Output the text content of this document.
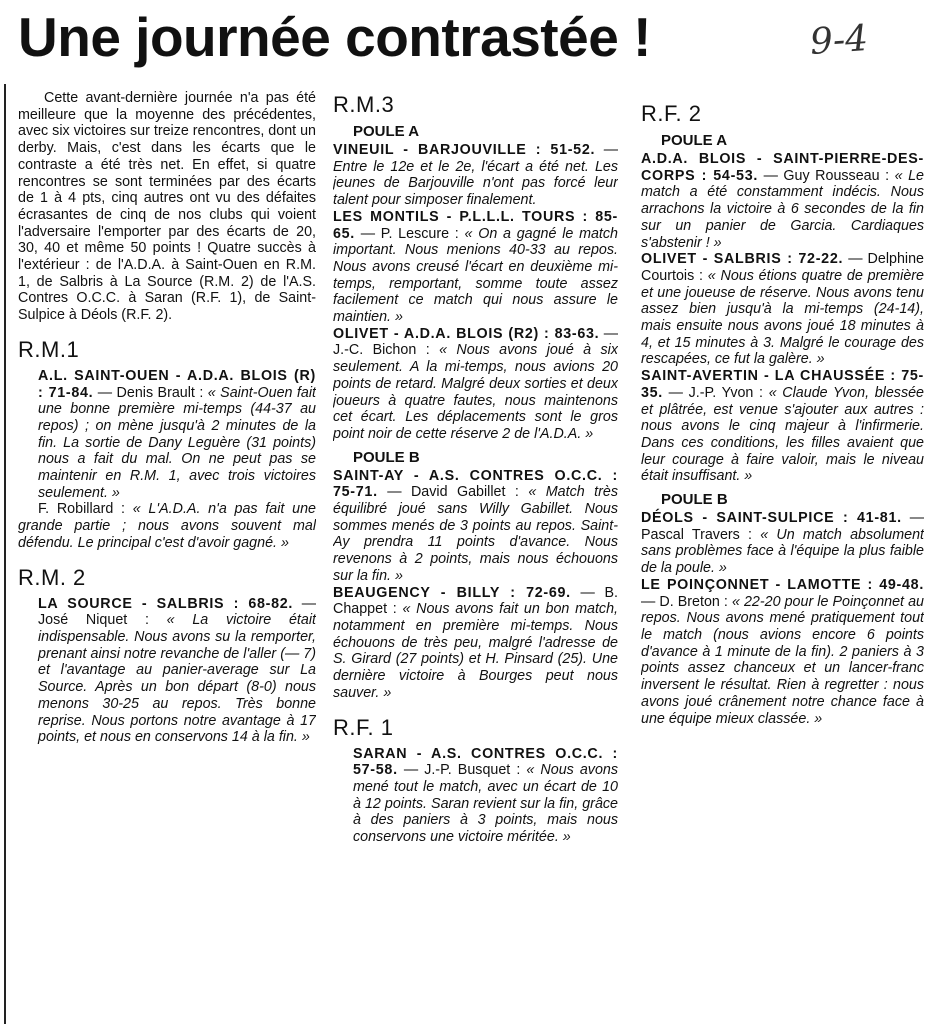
Une journée contrastée !	9-4

Cette avant-dernière journée n'a pas été meilleure que la moyenne des précédentes, avec six victoires sur treize rencontres, dont un derby. Mais, c'est dans les écarts que le contraste a été très net. En effet, si quatre rencontres se sont terminées par des écarts de 1 à 4 pts, cinq autres ont vu des défaites écrasantes de cinq de nos clubs qui voient l'adversaire l'emporter par des écarts de 20, 30, 40 et même 50 points ! Quatre succès à l'extérieur : de l'A.D.A. à Saint-Ouen en R.M. 1, de Salbris à La Source (R.M. 2) de l'A.S. Contres O.C.C. à Saran (R.F. 1), de Saint-Sulpice à Déols (R.F. 2).

R.M.1

A.L. SAINT-OUEN - A.D.A. BLOIS (R) : 71-84. — Denis Brault : « Saint-Ouen fait une bonne première mi-temps (44-37 au repos) ; on mène jusqu'à 2 minutes de la fin. La sortie de Dany Leguère (31 points) nous a fait du mal. On ne peut pas se maintenir en R.M. 1, avec trois victoires seulement. »

F. Robillard : « L'A.D.A. n'a pas fait une grande partie ; nous avons souvent mal défendu. Le principal c'est d'avoir gagné. »

R.M. 2

LA SOURCE - SALBRIS : 68-82. — José Niquet : « La victoire était indispensable. Nous avons su la remporter, prenant ainsi notre revanche de l'aller (— 7) et l'avantage au panier-average sur La Source. Après un bon départ (8-0) nous menons 30-25 au repos. Très bonne reprise. Nous portons notre avantage à 17 points, et nous en conservons 14 à la fin. »

R.M.3
POULE A

VINEUIL - BARJOUVILLE : 51-52. — Entre le 12e et le 2e, l'écart a été net. Les jeunes de Barjouville n'ont pas forcé leur talent pour simposer finalement.

LES MONTILS - P.L.L.L. TOURS : 85-65. — P. Lescure : « On a gagné le match important. Nous menions 40-33 au repos. Nous avons creusé l'écart en deuxième mi-temps, remportant, somme toute assez facilement ce match qui nous assure le maintien. »

OLIVET - A.D.A. BLOIS (R2) : 83-63. — J.-C. Bichon : « Nous avons joué à six seulement. A la mi-temps, nous avions 20 points de retard. Malgré deux sorties et deux joueurs à quatre fautes, nous maintenons cet écart. Les déplacements sont le gros point noir de cette réserve 2 de l'A.D.A. »

POULE B

SAINT-AY - A.S. CONTRES O.C.C. : 75-71. — David Gabillet : « Match très équilibré joué sans Willy Gabillet. Nous sommes menés de 3 points au repos. Saint-Ay prendra 11 points d'avance. Nous revenons à 2 points, mais nous échouons sur la fin. »

BEAUGENCY - BILLY : 72-69. — B. Chappet : « Nous avons fait un bon match, notamment en première mi-temps. Nous échouons de très peu, malgré l'adresse de S. Girard (27 points) et H. Pinsard (25). Une dernière victoire à Bourges peut nous sauver. »

R.F. 1

SARAN - A.S. CONTRES O.C.C. : 57-58. — J.-P. Busquet : « Nous avons mené tout le match, avec un écart de 10 à 12 points. Saran revient sur la fin, grâce à des paniers à 3 points, mais nous conservons une victoire méritée. »

R.F. 2
POULE A

A.D.A. BLOIS - SAINT-PIERRE-DES-CORPS : 54-53. — Guy Rousseau : « Le match a été constamment indécis. Nous arrachons la victoire à 6 secondes de la fin sur un panier de Garcia. Cardiaques s'abstenir ! »

OLIVET - SALBRIS : 72-22. — Delphine Courtois : « Nous étions quatre de première et une joueuse de réserve. Nous avons tenu assez bien jusqu'à la mi-temps (24-14), mais ensuite nous avons joué 18 minutes à 4, et 15 minutes à 3. Malgré le courage des rescapées, ce fut la galère. »

SAINT-AVERTIN - LA CHAUSSÉE : 75-35. — J.-P. Yvon : « Claude Yvon, blessée et plâtrée, est venue s'ajouter aux autres : nous avons le cinq majeur à l'infirmerie. Dans ces conditions, les filles avaient que leur courage à faire valoir, mais le niveau était insuffisant. »

POULE B

DÉOLS - SAINT-SULPICE : 41-81. — Pascal Travers : « Un match absolument sans problèmes face à l'équipe la plus faible de la poule. »

LE POINÇONNET - LAMOTTE : 49-48. — D. Breton : « 22-20 pour le Poinçonnet au repos. Nous avons mené pratiquement tout le match (nous avions encore 6 points d'avance à 1 minute de la fin). 2 paniers à 3 points assez chanceux et un lancer-franc inversent le résultat. Rien à regretter : nous avons joué crânement notre chance face à une équipe mieux classée. »
